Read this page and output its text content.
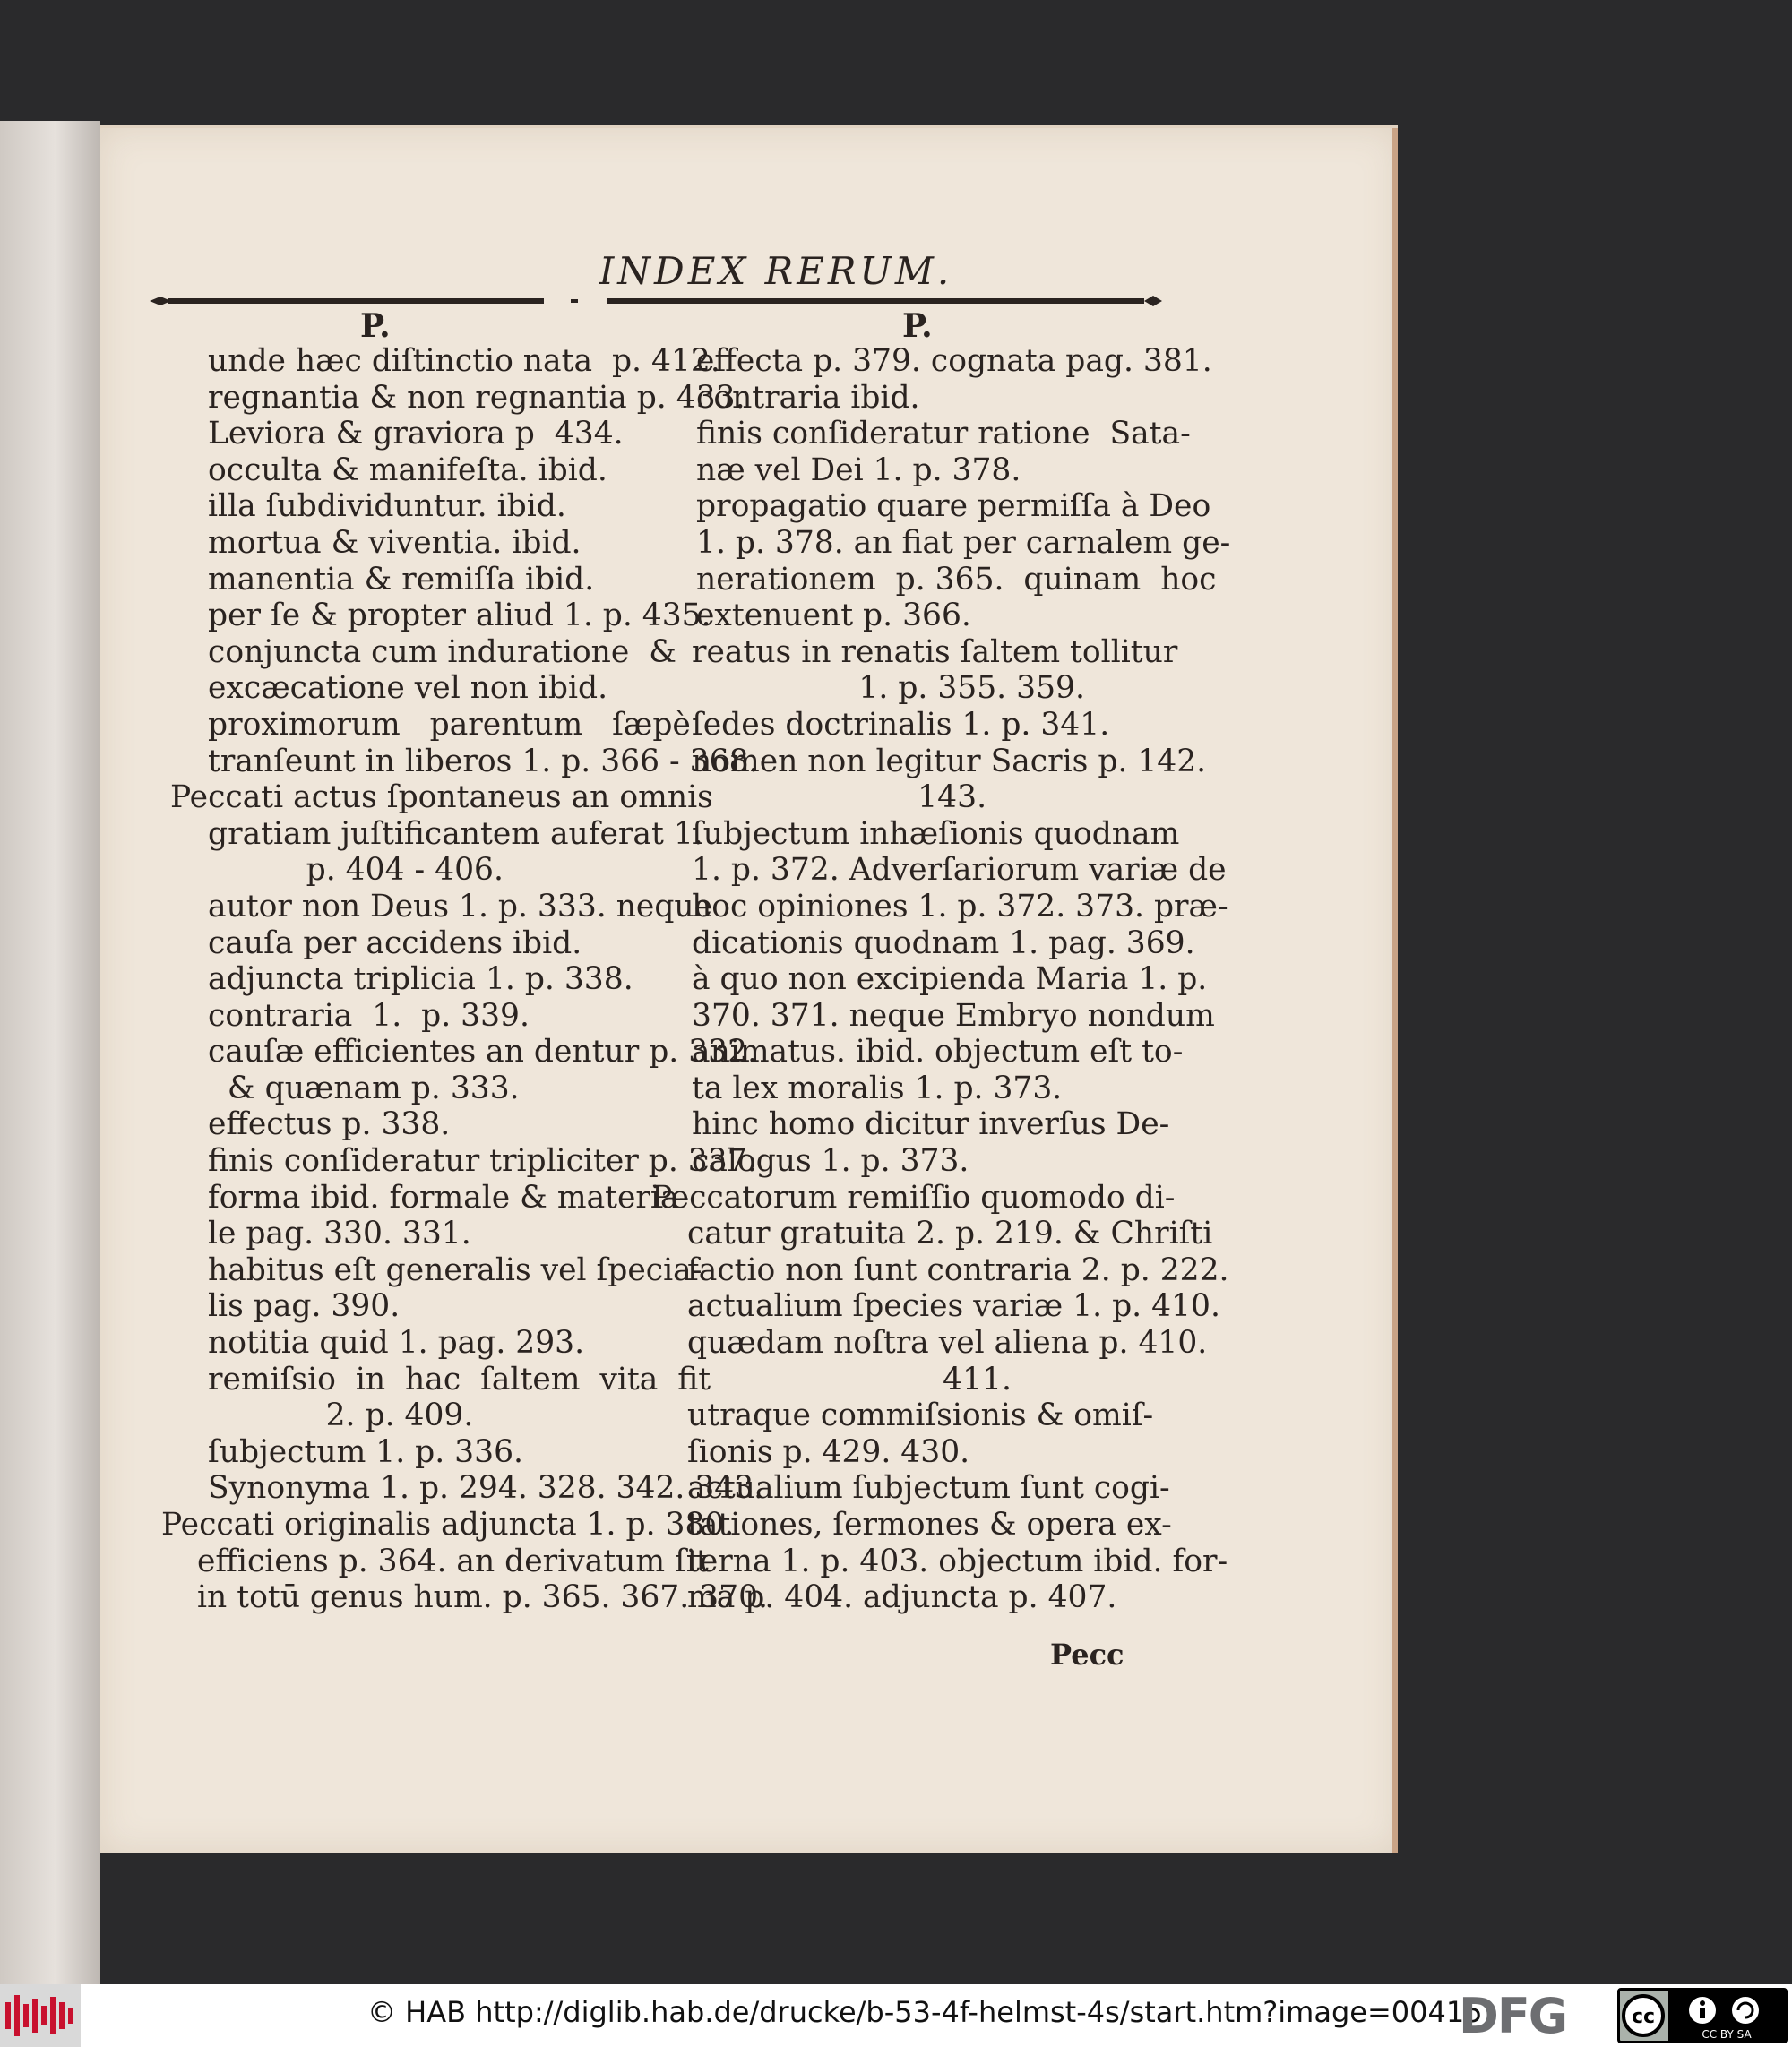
INDEX RERUM.
P.	P.
unde hæc diſtinctio nata  p. 412.
regnantia & non regnantia p. 433.
Leviora & graviora p  434.
occulta & manifeſta. ibid.
illa ſubdividuntur. ibid.
mortua & viventia. ibid.
manentia & remiſſa ibid.
per ſe & propter aliud 1. p. 435.
conjuncta cum induratione  &
excæcatione vel non ibid.
proximorum   parentum   ſæpè
tranſeunt in liberos 1. p. 366 - 368.
Peccati actus ſpontaneus an omnis
gratiam juſtificantem auferat 1.
p. 404 - 406.
autor non Deus 1. p. 333. neque
cauſa per accidens ibid.
adjuncta triplicia 1. p. 338.
contraria  1.  p. 339.
cauſæ efficientes an dentur p. 332.
& quænam p. 333.
effectus p. 338.
finis conſideratur tripliciter p. 337.
forma ibid. formale & materia-
le pag. 330. 331.
habitus eſt generalis vel ſpecia-
lis pag. 390.
notitia quid 1. pag. 293.
remiſsio  in  hac  ſaltem  vita  fit
2. p. 409.
ſubjectum 1. p. 336.
Synonyma 1. p. 294. 328. 342. 343.
Peccati originalis adjuncta 1. p. 380.
efficiens p. 364. an derivatum ſit
in totū genus hum. p. 365. 367. 370.
effecta p. 379. cognata pag. 381.
contraria ibid.
finis conſideratur ratione  Sata-
næ vel Dei 1. p. 378.
propagatio quare permiſſa à Deo
1. p. 378. an fiat per carnalem ge-
nerationem  p. 365.  quinam  hoc
extenuent p. 366.
reatus in renatis ſaltem tollitur
1. p. 355. 359.
ſedes doctrinalis 1. p. 341.
nomen non legitur Sacris p. 142.
143.
ſubjectum inhæſionis quodnam
1. p. 372. Adverſariorum variæ de
hoc opiniones 1. p. 372. 373. præ-
dicationis quodnam 1. pag. 369.
à quo non excipienda Maria 1. p.
370. 371. neque Embryo nondum
animatus. ibid. objectum eſt to-
ta lex moralis 1. p. 373.
hinc homo dicitur inverſus De-
calogus 1. p. 373.
Peccatorum remiſſio quomodo di-
catur gratuita 2. p. 219. & Chriſti
factio non ſunt contraria 2. p. 222.
actualium ſpecies variæ 1. p. 410.
quædam noſtra vel aliena p. 410.
411.
utraque commiſsionis & omiſ-
ſionis p. 429. 430.
actualium ſubjectum ſunt cogi-
tationes, ſermones & opera ex-
terna 1. p. 403. objectum ibid. for-
ma p. 404. adjuncta p. 407.
Pecc
© HAB http://diglib.hab.de/drucke/b-53-4f-helmst-4s/start.htm?image=00415
DFG	cc
CC BY SA
